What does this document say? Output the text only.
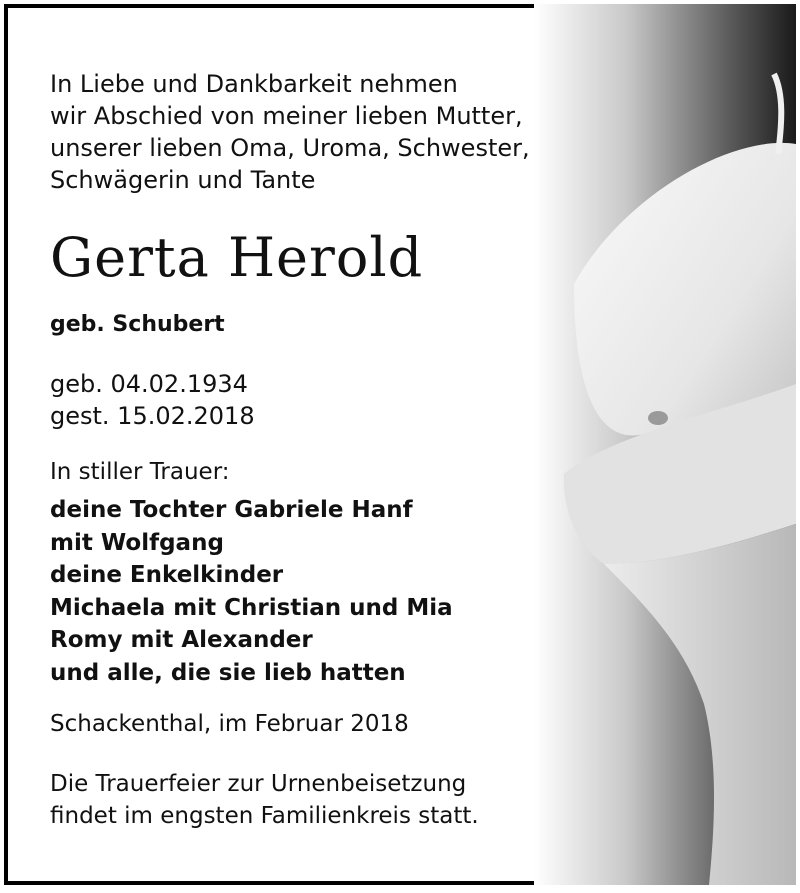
In Liebe und Dankbarkeit nehmen
wir Abschied von meiner lieben Mutter,
unserer lieben Oma, Uroma, Schwester,
Schwägerin und Tante

Gerta Herold

geb. Schubert

geb. 04.02.1934
gest. 15.02.2018

In stiller Trauer:

deine Tochter Gabriele Hanf
mit Wolfgang
deine Enkelkinder
Michaela mit Christian und Mia
Romy mit Alexander
und alle, die sie lieb hatten

Schackenthal, im Februar 2018

Die Trauerfeier zur Urnenbeisetzung
findet im engsten Familienkreis statt.
